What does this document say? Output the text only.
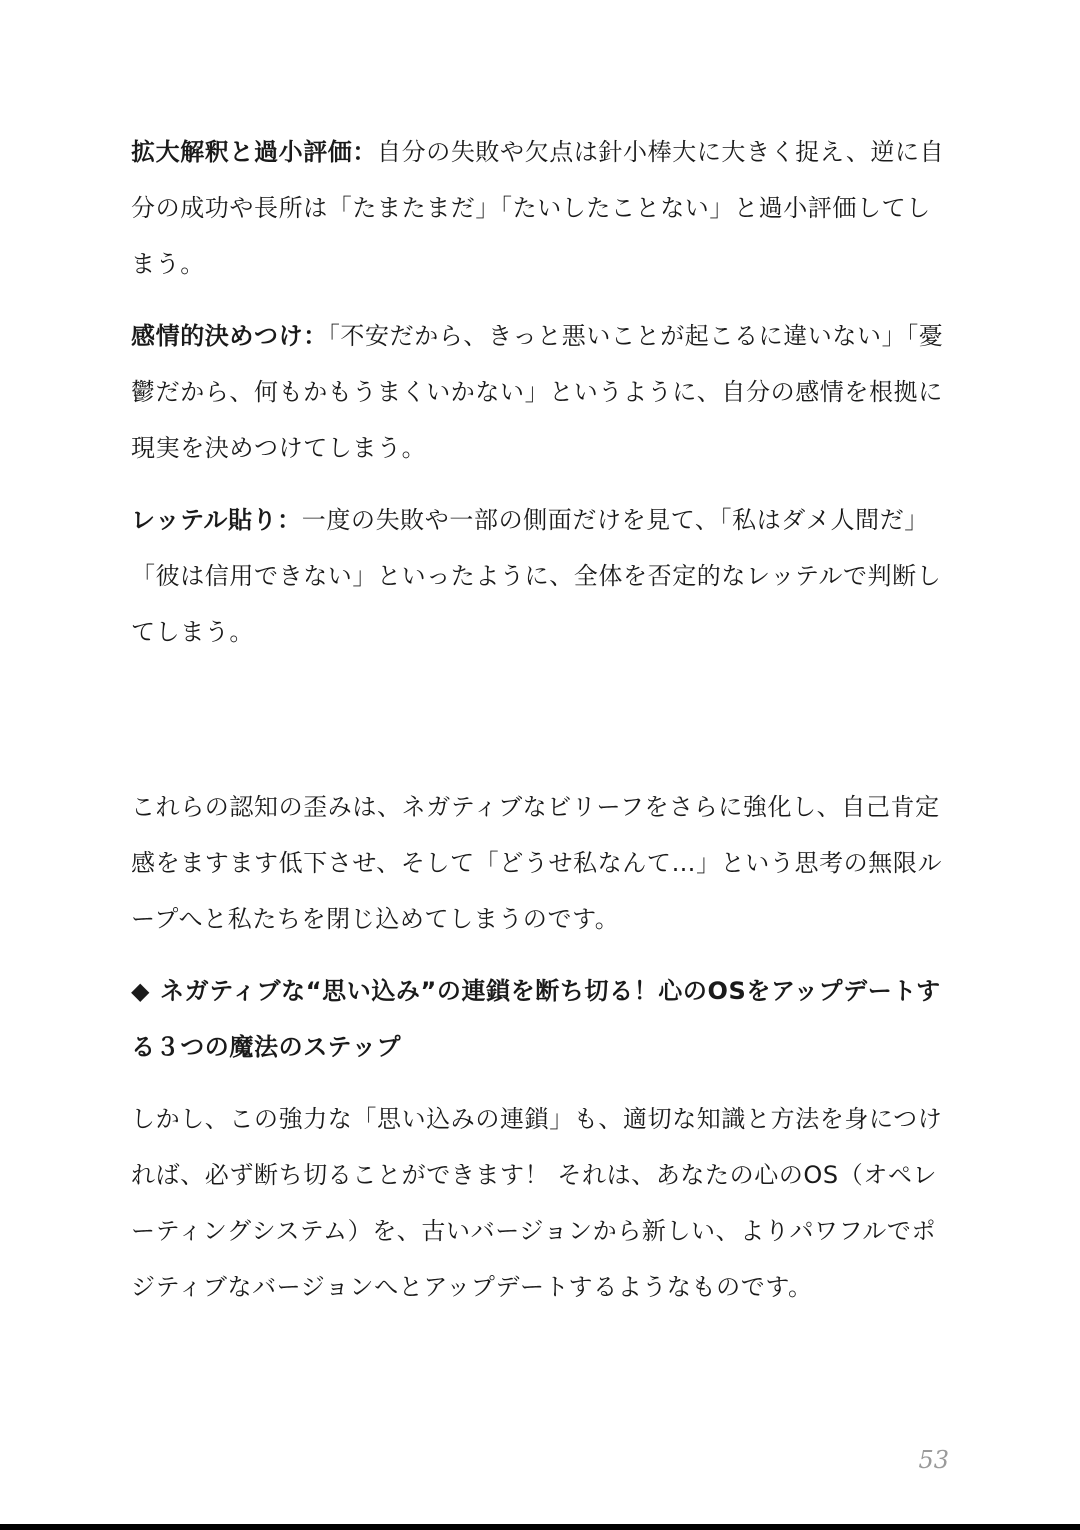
拡大解釈と過小評価：自分の失敗や欠点は針小棒大に大きく捉え、逆に自分の成功や長所は「たまたまだ」「たいしたことない」と過小評価してしまう。

感情的決めつけ：「不安だから、きっと悪いことが起こるに違いない」「憂鬱だから、何もかもうまくいかない」というように、自分の感情を根拠に現実を決めつけてしまう。

レッテル貼り：一度の失敗や一部の側面だけを見て、「私はダメ人間だ」「彼は信用できない」といったように、全体を否定的なレッテルで判断してしまう。

これらの認知の歪みは、ネガティブなビリーフをさらに強化し、自己肯定感をますます低下させ、そして「どうせ私なんて…」という思考の無限ループへと私たちを閉じ込めてしまうのです。

◆ ネガティブな“思い込み”の連鎖を断ち切る！心のOSをアップデートする３つの魔法のステップ

しかし、この強力な「思い込みの連鎖」も、適切な知識と方法を身につければ、必ず断ち切ることができます！ それは、あなたの心のOS（オペレーティングシステム）を、古いバージョンから新しい、よりパワフルでポジティブなバージョンへとアップデートするようなものです。

53
